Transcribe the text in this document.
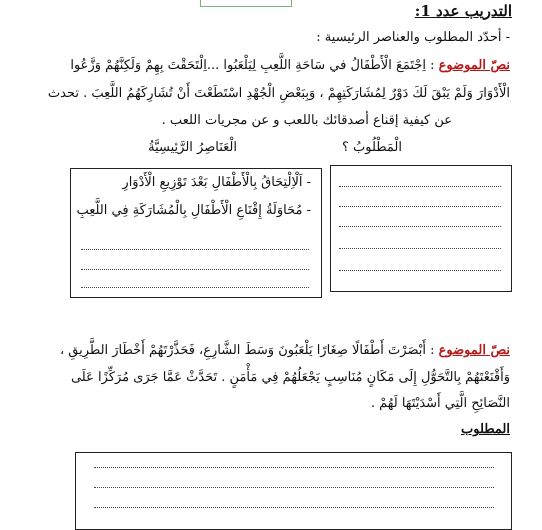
التدريب عدد 1:
- أحدّد المطلوب والعناصر الرئيسية :
نصّ الموضوع : اِجْتَمَعَ الْأَطْفَالُ في سَاحَةِ اللَّعِبِ لِيَلْعَبُوا ...اِلْتَحَقْتَ بِهِمْ وَلَكِنَّهُمْ وَزَّعُوا
الْأَدْوَارَ وَلَمْ يَبْقَ لَكَ دَوْرٌ لِمُشَارَكَتِهِمْ ، وَبِبَعْضِ الْجُهْدِ اسْتَطَعْتَ أَنْ تُشَارِكَهُمُ اللَّعِبَ . تحدث
عن كيفية إقناع أصدقائك باللعب و عن مجريات اللعب .
الْمَطْلُوبُ ؟
الْعَنَاصِرُ الرَّئِيسِيَّةُ
- اَلْاِلْتِحَاقُ بِالْأَطْفَالِ بَعْدَ تَوْزِيعِ الْأَدْوَارِ
- مُحَاوَلَةُ إِقْنَاعِ الْأَطْفَالِ بِالْمُشَارَكَةِ فِي اللَّعِبِ
نصّ الموضوع : أَبْصَرْتَ أَطْفَالًا صِغَارًا يَلْعَبُونَ وَسَطَ الشَّارِعِ، فَحَذَّرْتَهُمْ أَخْطَارَ الطَّرِيقِ ،
وَأَقْنَعْتَهُمْ بِالتَّحَوُّلِ إِلَى مَكَانٍ مُنَاسِبٍ يَجْعَلُهُمْ فِي مَأْمَنٍ . تَحَدَّثْ عَمَّا جَرَى مُرَكِّزًا عَلَى
النَّصَائِحِ الَّتِي أَسْدَيْتَهَا لَهُمْ .
المطلوب
